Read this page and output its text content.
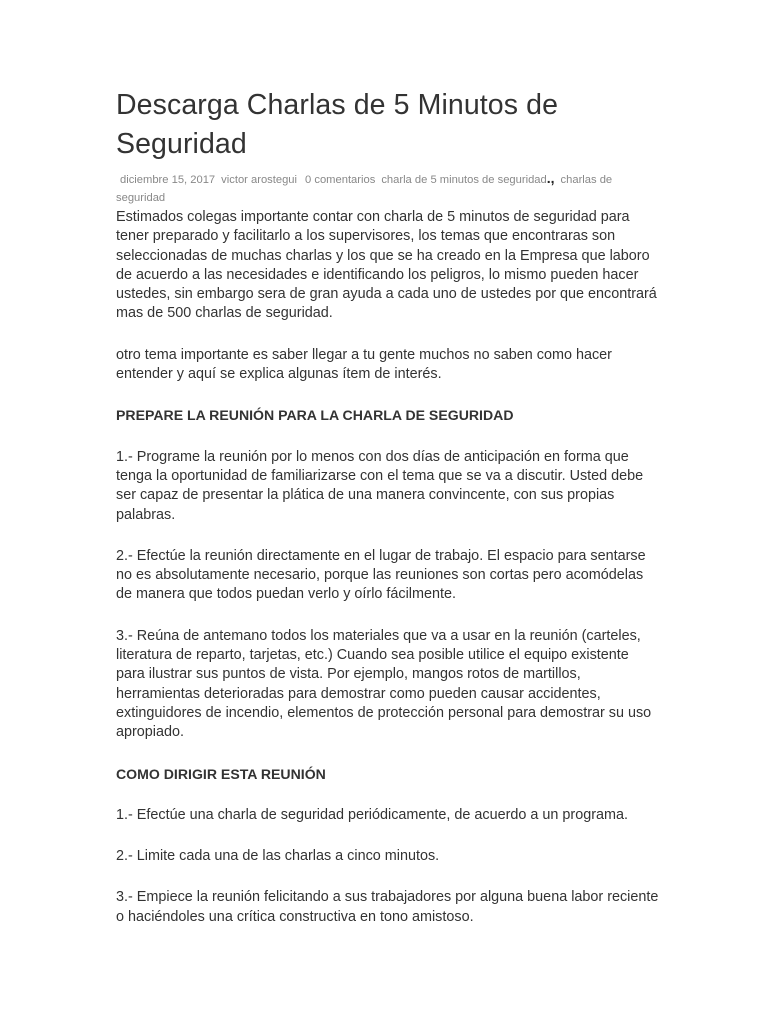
Descarga Charlas de 5 Minutos de Seguridad
diciembre 15, 2017 victor arostegui 0 comentarios charla de 5 minutos de seguridad., charlas de
seguridad

Estimados colegas importante contar con charla de 5 minutos de seguridad para tener preparado y facilitarlo a los supervisores, los temas que encontraras son seleccionadas de muchas charlas y los que se ha creado en la Empresa que laboro de acuerdo a las necesidades e identificando los peligros, lo mismo pueden hacer ustedes, sin embargo sera de gran ayuda a cada uno de ustedes por que encontrará mas de 500 charlas de seguridad.

otro tema importante es saber llegar a tu gente muchos no saben como hacer entender y aquí se explica algunas ítem de interés.

PREPARE LA REUNIÓN PARA LA CHARLA DE SEGURIDAD

1.- Programe la reunión por lo menos con dos días de anticipación en forma que tenga la oportunidad de familiarizarse con el tema que se va a discutir. Usted debe ser capaz de presentar la plática de una manera convincente, con sus propias palabras.

2.- Efectúe la reunión directamente en el lugar de trabajo. El espacio para sentarse no es absolutamente necesario, porque las reuniones son cortas pero acomódelas de manera que todos puedan verlo y oírlo fácilmente.

3.- Reúna de antemano todos los materiales que va a usar en la reunión (carteles, literatura de reparto, tarjetas, etc.) Cuando sea posible utilice el equipo existente para ilustrar sus puntos de vista. Por ejemplo, mangos rotos de martillos, herramientas deterioradas para demostrar como pueden causar accidentes, extinguidores de incendio, elementos de protección personal para demostrar su uso apropiado.

COMO DIRIGIR ESTA REUNIÓN

1.- Efectúe una charla de seguridad periódicamente, de acuerdo a un programa.

2.- Limite cada una de las charlas a cinco minutos.

3.- Empiece la reunión felicitando a sus trabajadores por alguna buena labor reciente o haciéndoles una crítica constructiva en tono amistoso.
